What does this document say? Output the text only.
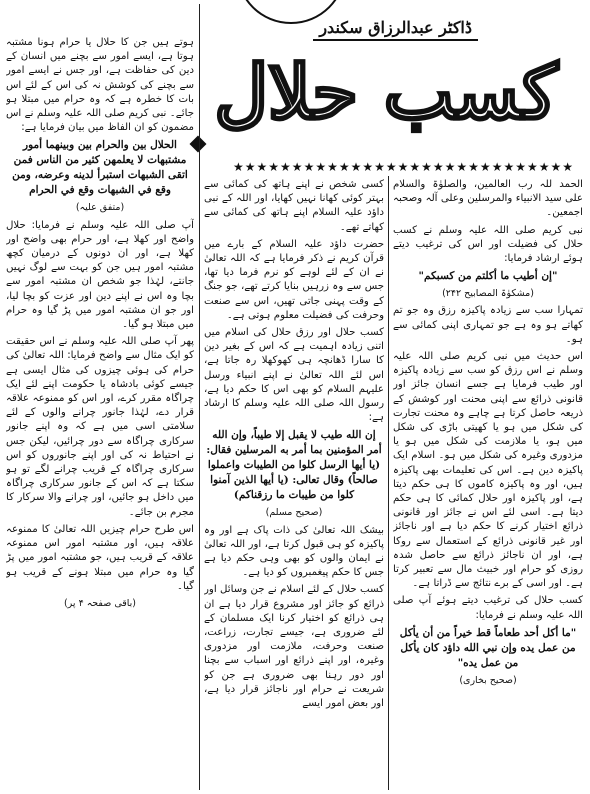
ڈاکٹر عبدالرزاق سکندر
کسب حلال
★★★★★★★★★★★★★★★★★★★★★★★★★★★★★

الحمد للہ رب العالمین، والصلوٰۃ والسلام علی سید الانبیاء والمرسلین وعلی آلہ وصحبہ اجمعین۔

نبی کریم صلی اللہ علیہ وسلم نے کسب حلال کی فضیلت اور اس کی ترغیب دیتے ہوئے ارشاد فرمایا:

"إن أطيب ما أكلتم من كسبكم"
(مشکوٰۃ المصابیح ۲۴۲)

تمہارا سب سے زیادہ پاکیزہ رزق وہ جو تم کھاتے ہو وہ ہے جو تمہاری اپنی کمائی سے ہو۔

اس حدیث میں نبی کریم صلی اللہ علیہ وسلم نے اس رزق کو سب سے زیادہ پاکیزہ اور طیب فرمایا ہے جسے انسان جائز اور قانونی ذرائع سے اپنی محنت اور کوشش کے ذریعہ حاصل کرتا ہے چاہے وہ محنت تجارت کی شکل میں ہو یا کھیتی باڑی کی شکل میں ہو، یا ملازمت کی شکل میں ہو یا مزدوری وغیرہ کی شکل میں ہو۔ اسلام ایک پاکیزہ دین ہے۔ اس کی تعلیمات بھی پاکیزہ ہیں، اور وہ پاکیزہ کاموں کا ہی حکم دیتا ہے، اور پاکیزہ اور حلال کمائی کا ہی حکم دیتا ہے۔ اسی لئے اس نے جائز اور قانونی ذرائع اختیار کرنے کا حکم دیا ہے اور ناجائز اور غیر قانونی ذرائع کے استعمال سے روکا ہے، اور ان ناجائز ذرائع سے حاصل شدہ روزی کو حرام اور خبیث مال سے تعبیر کرتا ہے۔ اور اسی کے برے نتائج سے ڈراتا ہے۔

کسب حلال کی ترغیب دیتے ہوئے آپ صلی اللہ علیہ وسلم نے فرمایا:

"ما أكل أحد طعاماً قط خيراً من أن يأكل من عمل يده وإن نبي الله داؤد كان يأكل من عمل يده"
(صحیح بخاری)

کسی شخص نے اپنے ہاتھ کی کمائی سے بہتر کوئی کھانا نہیں کھایا، اور اللہ کے نبی داؤد علیہ السلام اپنے ہاتھ کی کمائی سے کھاتے تھے۔

حضرت داؤد علیہ السلام کے بارے میں قرآن کریم نے ذکر فرمایا ہے کہ اللہ تعالیٰ نے ان کے لئے لوہے کو نرم فرما دیا تھا، جس سے وہ زرہیں بنایا کرتے تھے، جو جنگ کے وقت پہنی جاتی تھیں، اس سے صنعت وحرفت کی فضیلت معلوم ہوتی ہے۔

کسب حلال اور رزق حلال کی اسلام میں اتنی زیادہ اہمیت ہے کہ اس کے بغیر دین کا سارا ڈھانچہ ہی کھوکھلا رہ جاتا ہے، اس لئے اللہ تعالیٰ نے اپنے انبیاء ورسل علیہم السلام کو بھی اس کا حکم دیا ہے، رسول اللہ صلی اللہ علیہ وسلم کا ارشاد ہے:

إن الله طيب لا يقبل إلا طيباً، وإن الله أمر المؤمنين بما أمر به المرسلين فقال: (يا أيها الرسل كلوا من الطيبات واعملوا صالحاً) وقال تعالى: (يا أيها الذين آمنوا كلوا من طيبات ما رزقناكم)
(صحیح مسلم)

بیشک اللہ تعالیٰ کی ذات پاک ہے اور وہ پاکیزہ کو ہی قبول کرتا ہے، اور اللہ تعالیٰ نے ایمان والوں کو بھی وہی حکم دیا ہے جس کا حکم پیغمبروں کو دیا ہے۔

کسب حلال کے لئے اسلام نے جن وسائل اور ذرائع کو جائز اور مشروع قرار دیا ہے ان ہی ذرائع کو اختیار کرنا ایک مسلمان کے لئے ضروری ہے، جیسے تجارت، زراعت، صنعت وحرفت، ملازمت اور مزدوری وغیرہ، اور اپنے ذرائع اور اسباب سے بچنا اور دور رہنا بھی ضروری ہے جن کو شریعت نے حرام اور ناجائز قرار دیا ہے، اور بعض امور ایسے

ہوتے ہیں جن کا حلال یا حرام ہونا مشتبہ ہوتا ہے، ایسے امور سے بچنے میں انسان کے دین کی حفاظت ہے، اور جس نے ایسے امور سے بچنے کی کوشش نہ کی اس کے لئے اس بات کا خطرہ ہے کہ وہ حرام میں مبتلا ہو جائے۔ نبی کریم صلی اللہ علیہ وسلم نے اس مضمون کو ان الفاظ میں بیان فرمایا ہے:

الحلال بين والحرام بين وبينهما أمور مشتبهات لا يعلمهن كثير من الناس فمن اتقى الشبهات استبرأ لدينه وعرضه، ومن وقع في الشبهات وقع في الحرام
(متفق علیہ)

آپ صلی اللہ علیہ وسلم نے فرمایا: حلال واضح اور کھلا ہے، اور حرام بھی واضح اور کھلا ہے، اور ان دونوں کے درمیان کچھ مشتبہ امور ہیں جن کو بہت سے لوگ نہیں جانتے، لہٰذا جو شخص ان مشتبہ امور سے بچا وہ اس نے اپنے دین اور عزت کو بچا لیا، اور جو ان مشتبہ امور میں پڑ گیا وہ حرام میں مبتلا ہو گیا۔

پھر آپ صلی اللہ علیہ وسلم نے اس حقیقت کو ایک مثال سے واضح فرمایا: اللہ تعالیٰ کی حرام کی ہوئی چیزوں کی مثال ایسی ہے جیسے کوئی بادشاہ یا حکومت اپنے لئے ایک چراگاہ مقرر کرے، اور اس کو ممنوعہ علاقہ قرار دے، لہٰذا جانور چرانے والوں کے لئے سلامتی اسی میں ہے کہ وہ اپنے جانور سرکاری چراگاہ سے دور چرائیں، لیکن جس نے احتیاط نہ کی اور اپنے جانوروں کو اس سرکاری چراگاہ کے قریب چرانے لگے تو ہو سکتا ہے کہ اس کے جانور سرکاری چراگاہ میں داخل ہو جائیں، اور چرانے والا سرکار کا مجرم بن جائے۔

اس طرح حرام چیزیں اللہ تعالیٰ کا ممنوعہ علاقہ ہیں، اور مشتبہ امور اس ممنوعہ علاقہ کے قریب ہیں، جو مشتبہ امور میں پڑ گیا وہ حرام میں مبتلا ہونے کے قریب ہو گیا۔

(باقی صفحہ ۴ پر)
